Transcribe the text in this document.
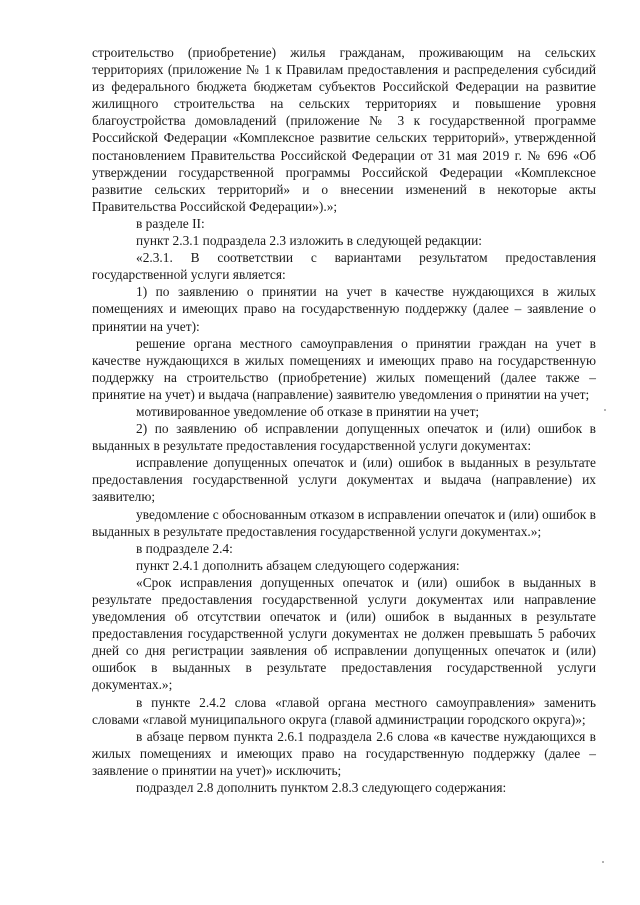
строительство (приобретение) жилья гражданам, проживающим на сельских территориях (приложение № 1 к Правилам предоставления и распределения субсидий из федерального бюджета бюджетам субъектов Российской Федерации на развитие жилищного строительства на сельских территориях и повышение уровня благоустройства домовладений (приложение № 3 к государственной программе Российской Федерации «Комплексное развитие сельских территорий», утвержденной постановлением Правительства Российской Федерации от 31 мая 2019 г. № 696 «Об утверждении государственной программы Российской Федерации «Комплексное развитие сельских территорий» и о внесении изменений в некоторые акты Правительства Российской Федерации»).»;

в разделе II:

пункт 2.3.1 подраздела 2.3 изложить в следующей редакции:

«2.3.1. В соответствии с вариантами результатом предоставления государственной услуги является:

1) по заявлению о принятии на учет в качестве нуждающихся в жилых помещениях и имеющих право на государственную поддержку (далее – заявление о принятии на учет):

решение органа местного самоуправления о принятии граждан на учет в качестве нуждающихся в жилых помещениях и имеющих право на государственную поддержку на строительство (приобретение) жилых помещений (далее также – принятие на учет) и выдача (направление) заявителю уведомления о принятии на учет;

мотивированное уведомление об отказе в принятии на учет;

2) по заявлению об исправлении допущенных опечаток и (или) ошибок в выданных в результате предоставления государственной услуги документах:

исправление допущенных опечаток и (или) ошибок в выданных в результате предоставления государственной услуги документах и выдача (направление) их заявителю;

уведомление с обоснованным отказом в исправлении опечаток и (или) ошибок в выданных в результате предоставления государственной услуги документах.»;

в подразделе 2.4:

пункт 2.4.1 дополнить абзацем следующего содержания:

«Срок исправления допущенных опечаток и (или) ошибок в выданных в результате предоставления государственной услуги документах или направление уведомления об отсутствии опечаток и (или) ошибок в выданных в результате предоставления государственной услуги документах не должен превышать 5 рабочих дней со дня регистрации заявления об исправлении допущенных опечаток и (или) ошибок в выданных в результате предоставления государственной услуги документах.»;

в пункте 2.4.2 слова «главой органа местного самоуправления» заменить словами «главой муниципального округа (главой администрации городского округа)»;

в абзаце первом пункта 2.6.1 подраздела 2.6 слова «в качестве нуждающихся в жилых помещениях и имеющих право на государственную поддержку (далее – заявление о принятии на учет)» исключить;

подраздел 2.8 дополнить пунктом 2.8.3 следующего содержания:
